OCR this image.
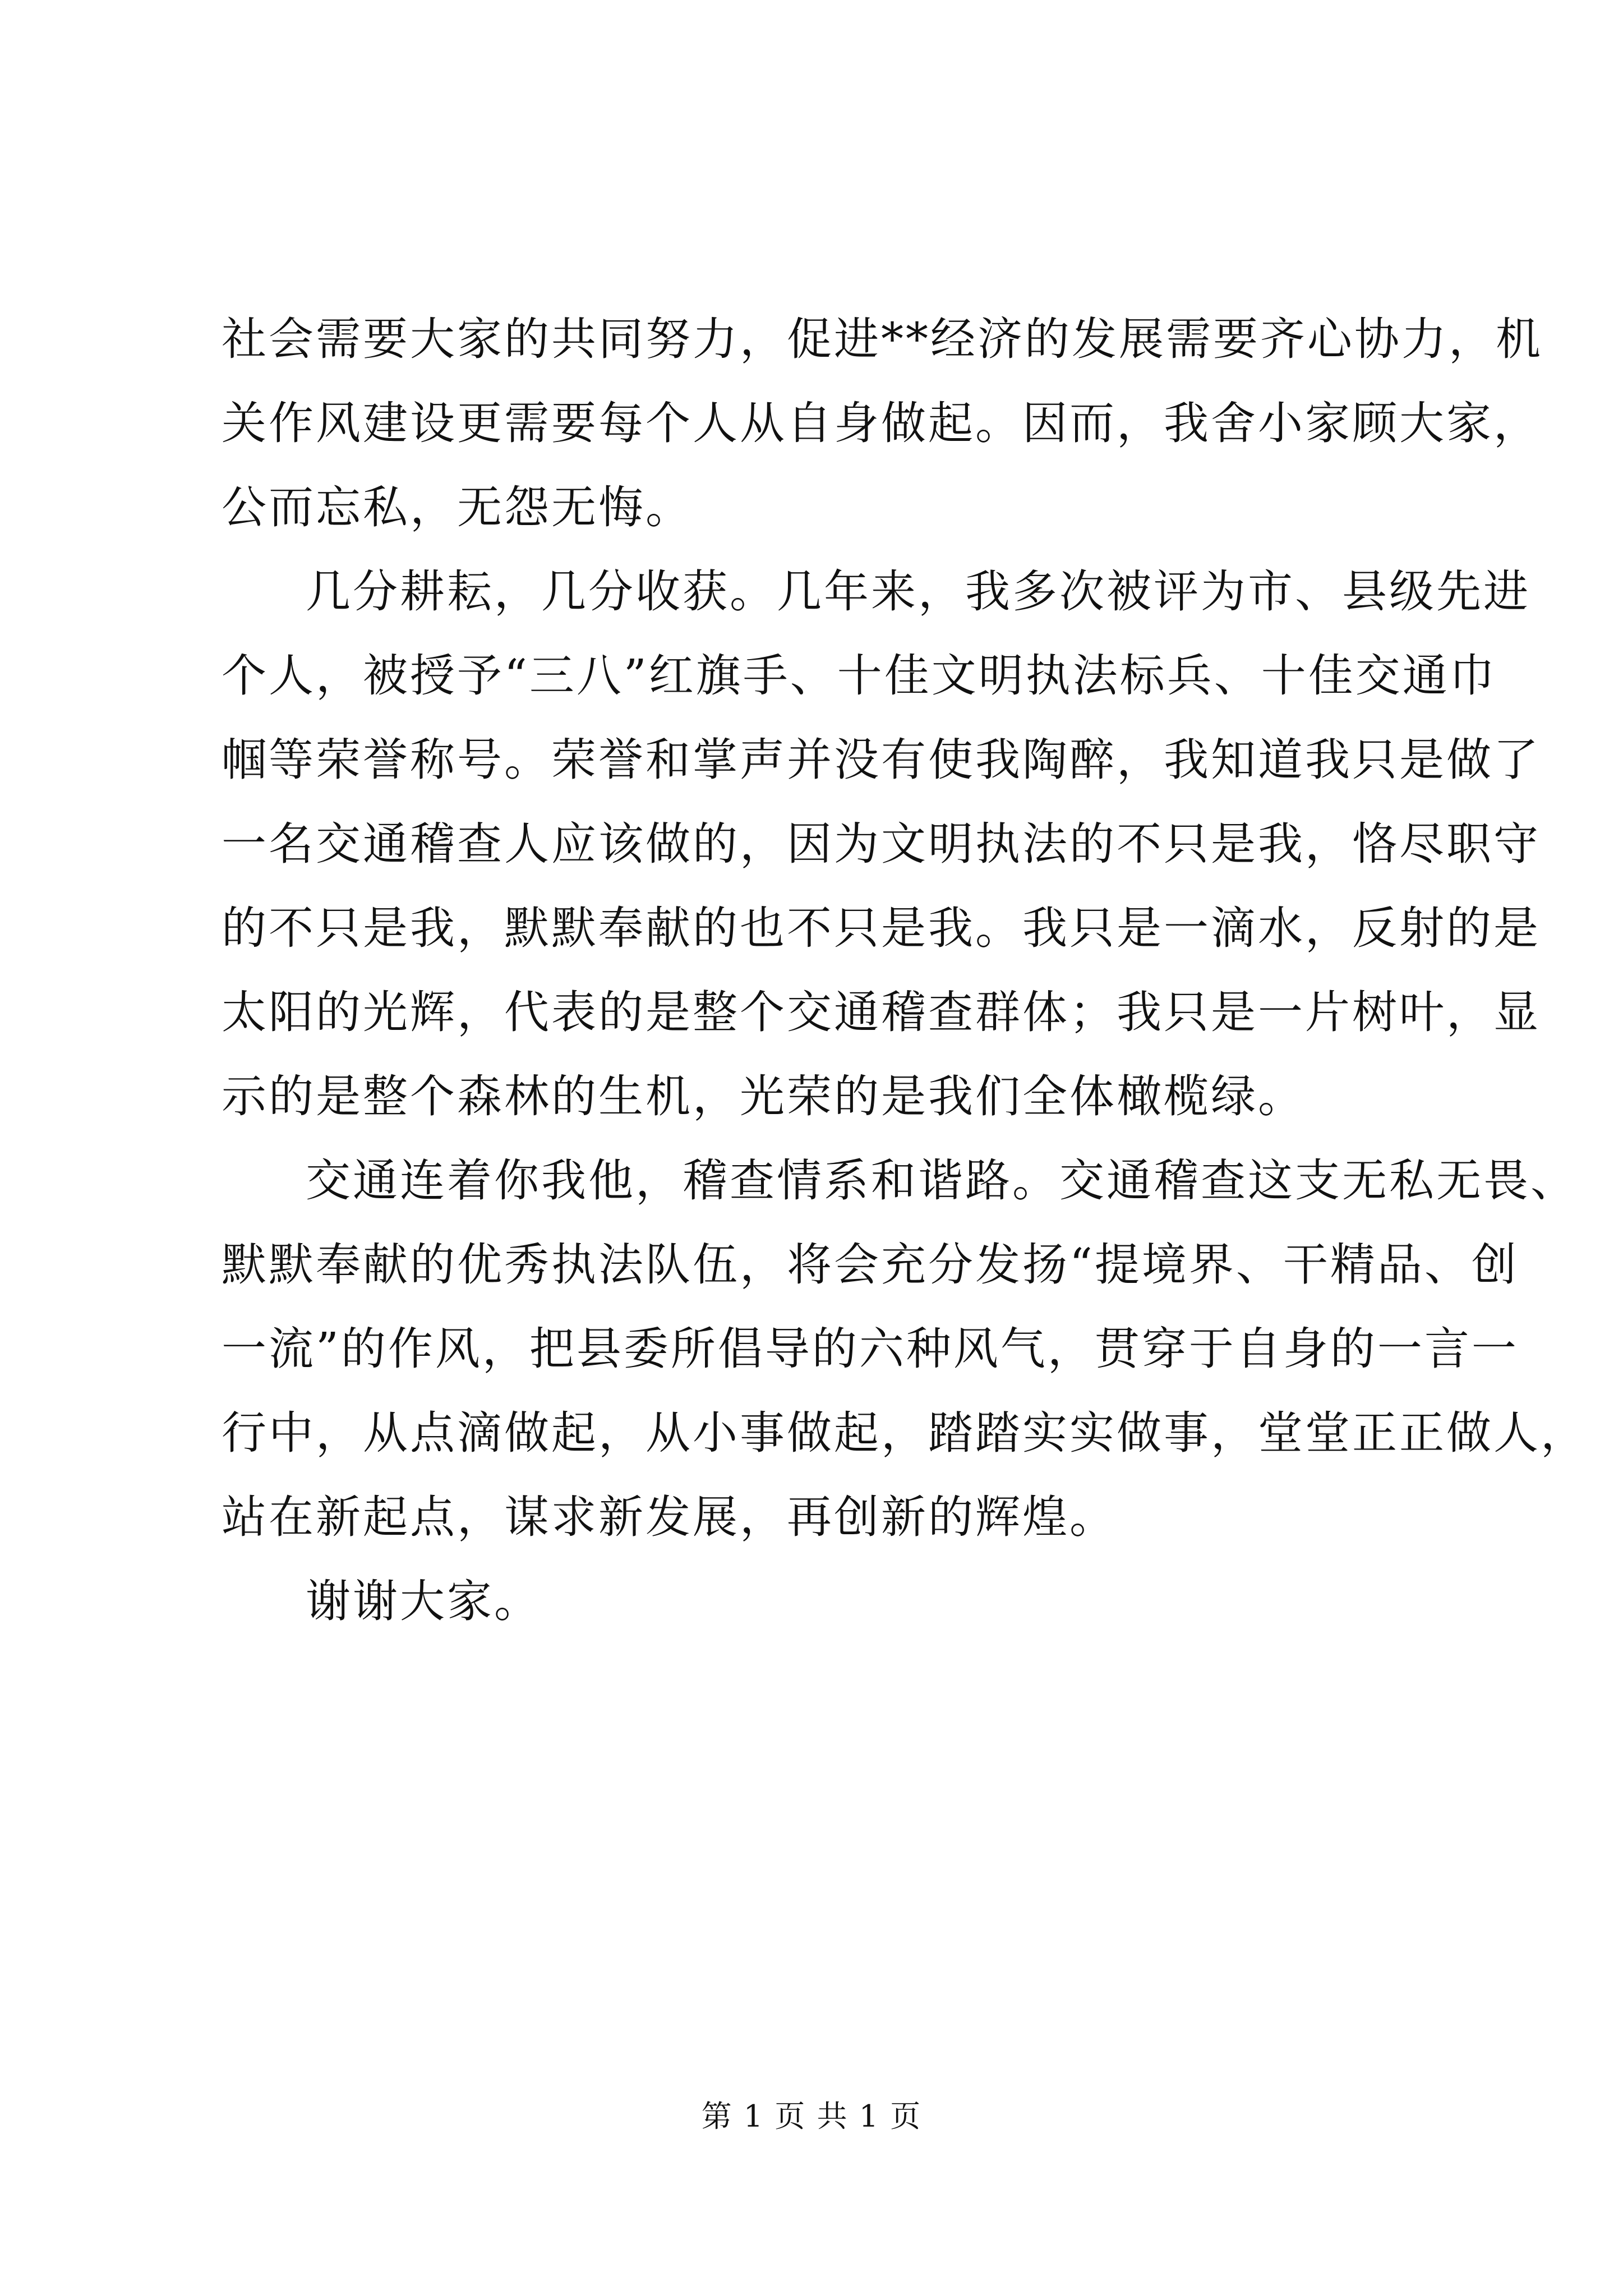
社会需要大家的共同努力，促进**经济的发展需要齐心协力，机
关作风建设更需要每个人从自身做起。因而，我舍小家顾大家，
公而忘私，无怨无悔。
几分耕耘，几分收获。几年来，我多次被评为市、县级先进
个人，被授予“三八”红旗手、十佳文明执法标兵、十佳交通巾
帼等荣誉称号。荣誉和掌声并没有使我陶醉，我知道我只是做了
一名交通稽查人应该做的，因为文明执法的不只是我，恪尽职守
的不只是我，默默奉献的也不只是我。我只是一滴水，反射的是
太阳的光辉，代表的是整个交通稽查群体；我只是一片树叶，显
示的是整个森林的生机，光荣的是我们全体橄榄绿。
交通连着你我他，稽查情系和谐路。交通稽查这支无私无畏、
默默奉献的优秀执法队伍，将会充分发扬“提境界、干精品、创
一流”的作风，把县委所倡导的六种风气，贯穿于自身的一言一
行中，从点滴做起，从小事做起，踏踏实实做事，堂堂正正做人，
站在新起点，谋求新发展，再创新的辉煌。
谢谢大家。
第 1 页 共 1 页
